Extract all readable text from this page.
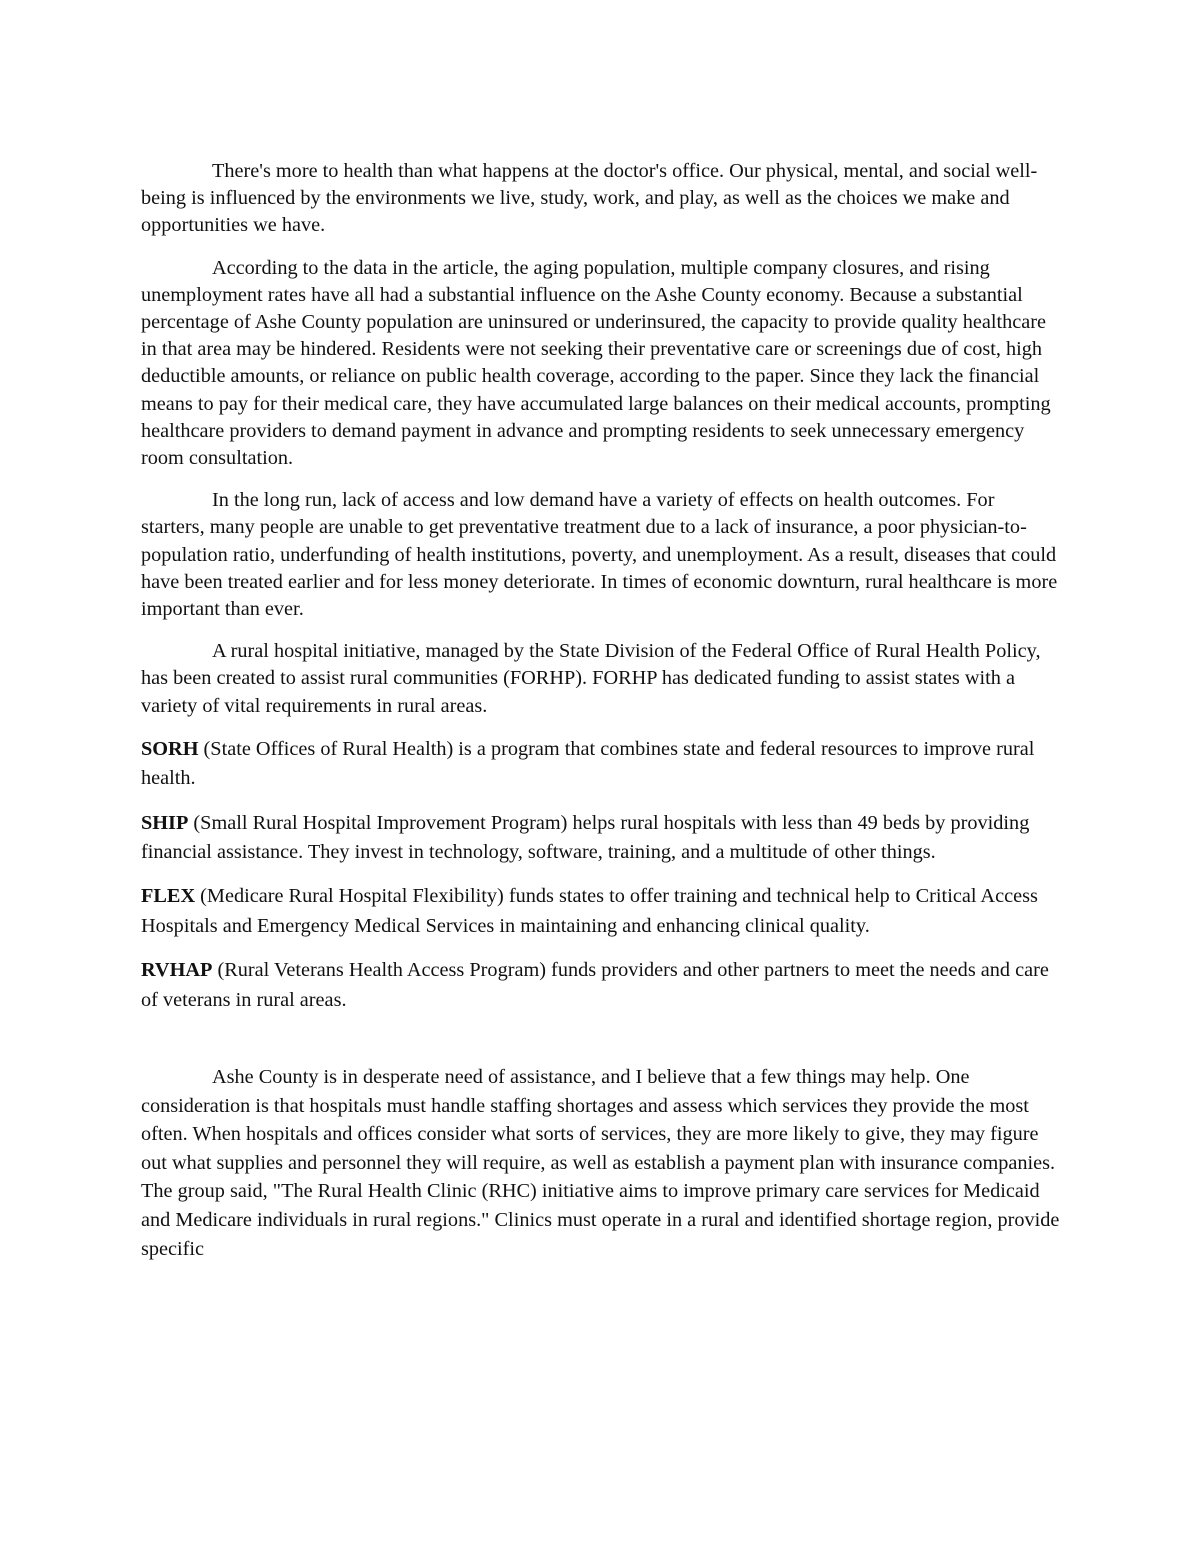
There's more to health than what happens at the doctor's office. Our physical, mental, and social well-being is influenced by the environments we live, study, work, and play, as well as the choices we make and opportunities we have.

According to the data in the article, the aging population, multiple company closures, and rising unemployment rates have all had a substantial influence on the Ashe County economy. Because a substantial percentage of Ashe County population are uninsured or underinsured, the capacity to provide quality healthcare in that area may be hindered. Residents were not seeking their preventative care or screenings due of cost, high deductible amounts, or reliance on public health coverage, according to the paper. Since they lack the financial means to pay for their medical care, they have accumulated large balances on their medical accounts, prompting healthcare providers to demand payment in advance and prompting residents to seek unnecessary emergency room consultation.

In the long run, lack of access and low demand have a variety of effects on health outcomes. For starters, many people are unable to get preventative treatment due to a lack of insurance, a poor physician-to-population ratio, underfunding of health institutions, poverty, and unemployment. As a result, diseases that could have been treated earlier and for less money deteriorate. In times of economic downturn, rural healthcare is more important than ever.

A rural hospital initiative, managed by the State Division of the Federal Office of Rural Health Policy, has been created to assist rural communities (FORHP). FORHP has dedicated funding to assist states with a variety of vital requirements in rural areas.

SORH (State Offices of Rural Health) is a program that combines state and federal resources to improve rural health.

SHIP (Small Rural Hospital Improvement Program) helps rural hospitals with less than 49 beds by providing financial assistance. They invest in technology, software, training, and a multitude of other things.

FLEX (Medicare Rural Hospital Flexibility) funds states to offer training and technical help to Critical Access Hospitals and Emergency Medical Services in maintaining and enhancing clinical quality.

RVHAP (Rural Veterans Health Access Program) funds providers and other partners to meet the needs and care of veterans in rural areas.

Ashe County is in desperate need of assistance, and I believe that a few things may help. One consideration is that hospitals must handle staffing shortages and assess which services they provide the most often. When hospitals and offices consider what sorts of services, they are more likely to give, they may figure out what supplies and personnel they will require, as well as establish a payment plan with insurance companies. The group said, "The Rural Health Clinic (RHC) initiative aims to improve primary care services for Medicaid and Medicare individuals in rural regions." Clinics must operate in a rural and identified shortage region, provide specific
